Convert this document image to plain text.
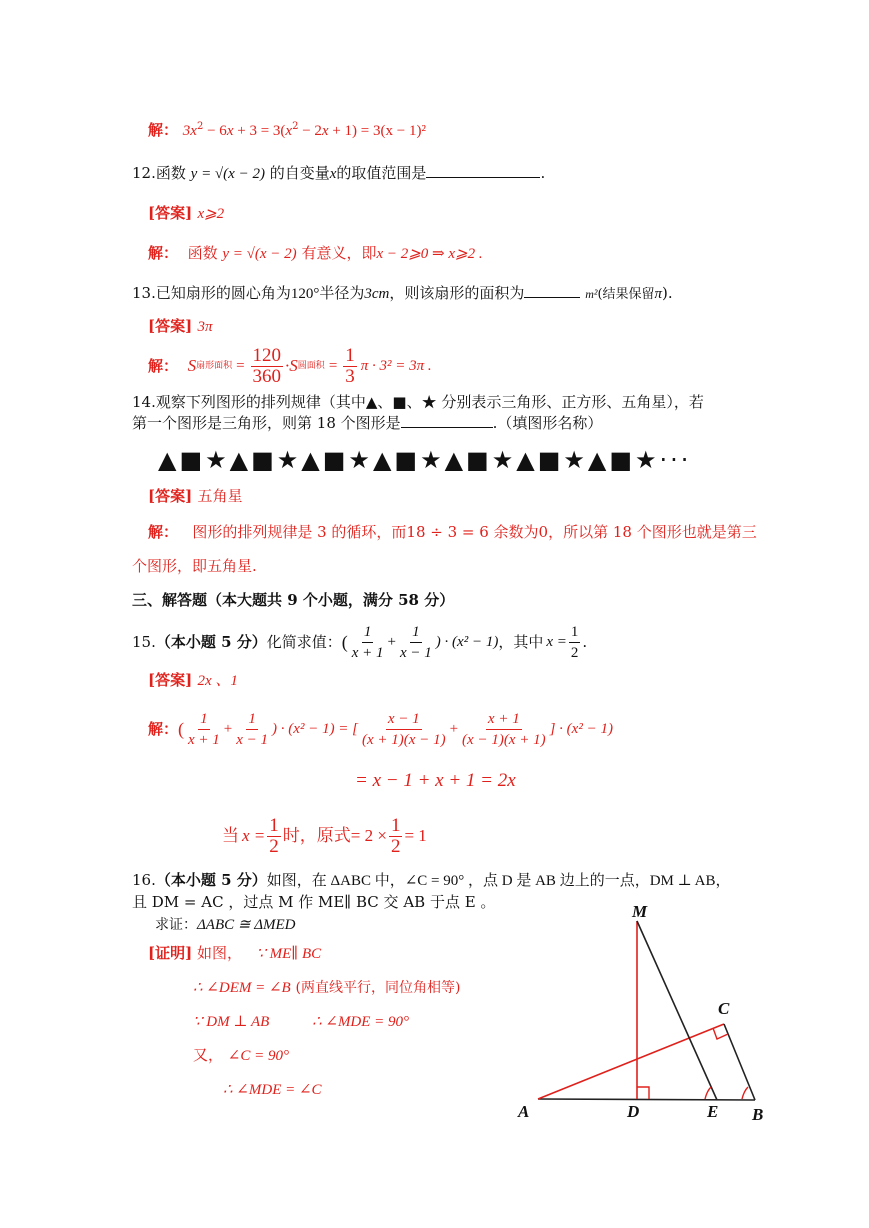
解： $3x^2 - 6x + 3 = 3(x^2 - 2x + 1) = 3(x - 1)^2$
12.函数 y = √(x − 2) 的自变量x的取值范围是	.
[答案] x⩾2
解： 函数 y = √(x − 2) 有意义，即x − 2⩾0 ⇒ x⩾2 .
13.已知扇形的圆心角为120°半径为3cm，则该扇形的面积为	m²(结果保留π).
[答案] 3π
解：
S 扇形面积 = $\frac{120}{360} \cdot S$ 圆面积 = $\frac{1}{3}$ π · 3² = 3π .
14.观察下列图形的排列规律（其中▲、■、★ 分别表示三角形、正方形、五角星），若
第一个图形是三角形，则第 18 个图形是	.（填图形名称）
▲■★▲■★▲■★▲■★▲■★▲■★▲■★···
[答案] 五角星
解： 图形的排列规律是 3 的循环，而18 ÷ 3 = 6 余数为0，所以第 18 个图形也就是第三
个图形，即五角星.
三、解答题（本大题共 9 个小题，满分 58 分）
15. （本小题 5 分） 化简求值： ( $\frac{1}{x + 1} + \frac{1}{x - 1}$ ) · (x² − 1) ，其中 $x = \frac{1}{2}$ .
[答案] 2x 、1
解： ( $\frac{1}{x + 1} + \frac{1}{x - 1}$ ) · (x² − 1) = [ $\frac{x - 1}{(x + 1)(x - 1)} + \frac{x + 1}{(x - 1)(x + 1)}$ ] · (x² − 1)
= x − 1 + x + 1 = 2x
当 $x = \frac{1}{2}$ 时，原式 = $2 \times \frac{1}{2} = 1$
16.（本小题 5 分）如图，在 ΔABC 中，∠C = 90° ，点 D 是 AB 边上的一点，DM ⊥ AB，
且 DM = AC ，过点 M 作 ME∥ BC 交 AB 于点 E 。
求证：ΔABC ≅ ΔMED
[证明] 如图， ∵ ME∥ BC
∴ ∠DEM = ∠B (两直线平行，同位角相等)
∵ DM ⊥ AB	∴ ∠MDE = 90°
又， ∠C = 90°
∴ ∠MDE = ∠C
M
C
A	D	E B
